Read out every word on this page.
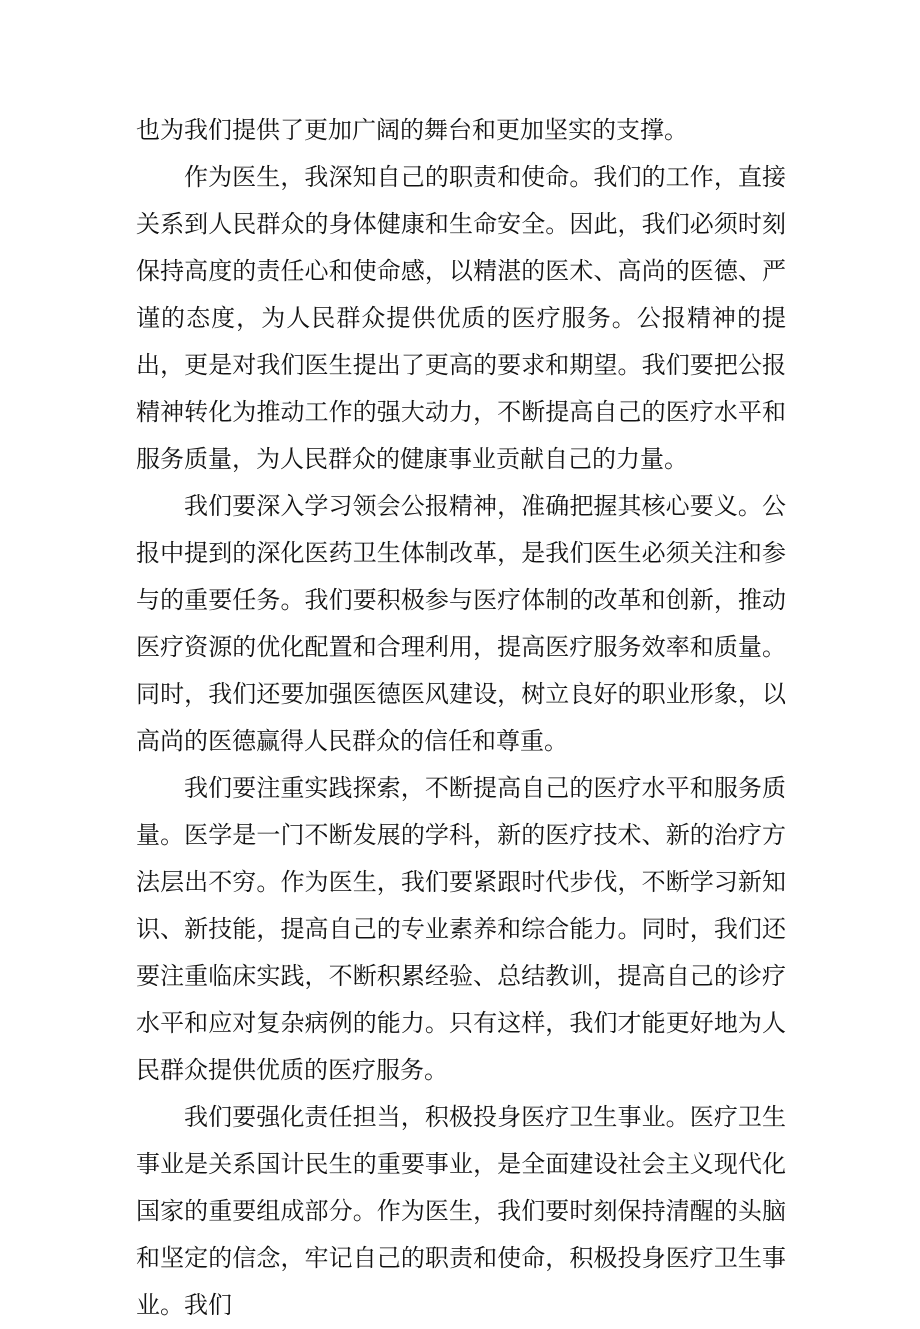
也为我们提供了更加广阔的舞台和更加坚实的支撑。

作为医生，我深知自己的职责和使命。我们的工作，直接关系到人民群众的身体健康和生命安全。因此，我们必须时刻保持高度的责任心和使命感，以精湛的医术、高尚的医德、严谨的态度，为人民群众提供优质的医疗服务。公报精神的提出，更是对我们医生提出了更高的要求和期望。我们要把公报精神转化为推动工作的强大动力，不断提高自己的医疗水平和服务质量，为人民群众的健康事业贡献自己的力量。

我们要深入学习领会公报精神，准确把握其核心要义。公报中提到的深化医药卫生体制改革，是我们医生必须关注和参与的重要任务。我们要积极参与医疗体制的改革和创新，推动医疗资源的优化配置和合理利用，提高医疗服务效率和质量。同时，我们还要加强医德医风建设，树立良好的职业形象，以高尚的医德赢得人民群众的信任和尊重。

我们要注重实践探索，不断提高自己的医疗水平和服务质量。医学是一门不断发展的学科，新的医疗技术、新的治疗方法层出不穷。作为医生，我们要紧跟时代步伐，不断学习新知识、新技能，提高自己的专业素养和综合能力。同时，我们还要注重临床实践，不断积累经验、总结教训，提高自己的诊疗水平和应对复杂病例的能力。只有这样，我们才能更好地为人民群众提供优质的医疗服务。

我们要强化责任担当，积极投身医疗卫生事业。医疗卫生事业是关系国计民生的重要事业，是全面建设社会主义现代化国家的重要组成部分。作为医生，我们要时刻保持清醒的头脑和坚定的信念，牢记自己的职责和使命，积极投身医疗卫生事业。我们
